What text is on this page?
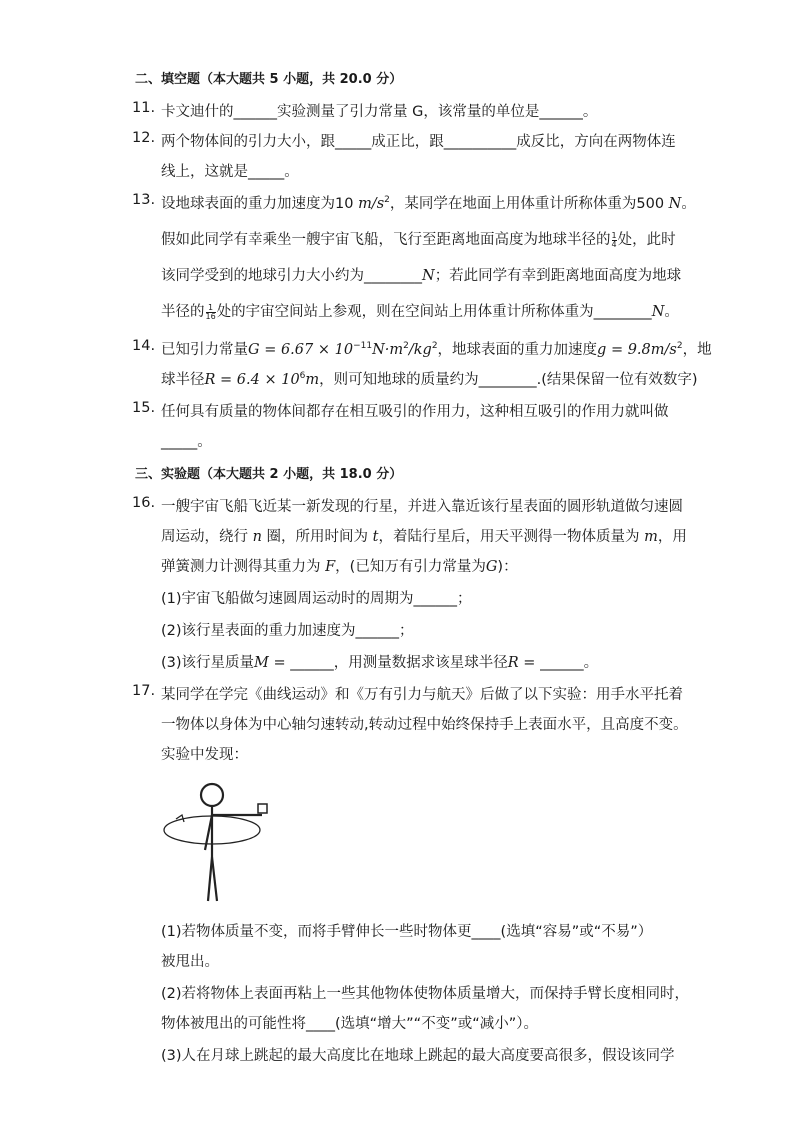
二、填空题（本大题共 5 小题，共 20.0 分）
11. 卡文迪什的______实验测量了引力常量 G，该常量的单位是______。
12. 两个物体间的引力大小，跟_____成正比，跟__________成反比，方向在两物体连
线上，这就是_____。
13. 设地球表面的重力加速度为10 $m/s^2$，某同学在地面上用体重计所称体重为500 N。
假如此同学有幸乘坐一艘宇宙飞船，飞行至距离地面高度为地球半径的 $\frac{1}{4}$ 处，此时
该同学受到的地球引力大小约为________N；若此同学有幸到距离地面高度为地球
半径的 $\frac{1}{16}$ 处的宇宙空间站上参观，则在空间站上用体重计所称体重为________N。
14. 已知引力常量$G = 6.67 \times 10^{-11}N\cdot m^2/kg^2$，地球表面的重力加速度$g = 9.8m/s^2$，地
球半径$R = 6.4 \times 10^6m$，则可知地球的质量约为________.(结果保留一位有效数字)
15. 任何具有质量的物体间都存在相互吸引的作用力，这种相互吸引的作用力就叫做
_____。
三、实验题（本大题共 2 小题，共 18.0 分）
16. 一艘宇宙飞船飞近某一新发现的行星，并进入靠近该行星表面的圆形轨道做匀速圆
周运动，绕行 n 圈，所用时间为 t，着陆行星后，用天平测得一物体质量为 m，用
弹簧测力计测得其重力为 F，(已知万有引力常量为G)：
(1)宇宙飞船做匀速圆周运动时的周期为______；
(2)该行星表面的重力加速度为______；
(3)该行星质量M = ______，用测量数据求该星球半径R = ______。
17. 某同学在学完《曲线运动》和《万有引力与航天》后做了以下实验：用手水平托着
一物体以身体为中心轴匀速转动,转动过程中始终保持手上表面水平，且高度不变。
实验中发现：
(1)若物体质量不变，而将手臂伸长一些时物体更____(选填“容易”或“不易”）
被甩出。
(2)若将物体上表面再粘上一些其他物体使物体质量增大，而保持手臂长度相同时，
物体被甩出的可能性将____(选填“增大”“不变”或“减小”）。
(3)人在月球上跳起的最大高度比在地球上跳起的最大高度要高很多，假设该同学
